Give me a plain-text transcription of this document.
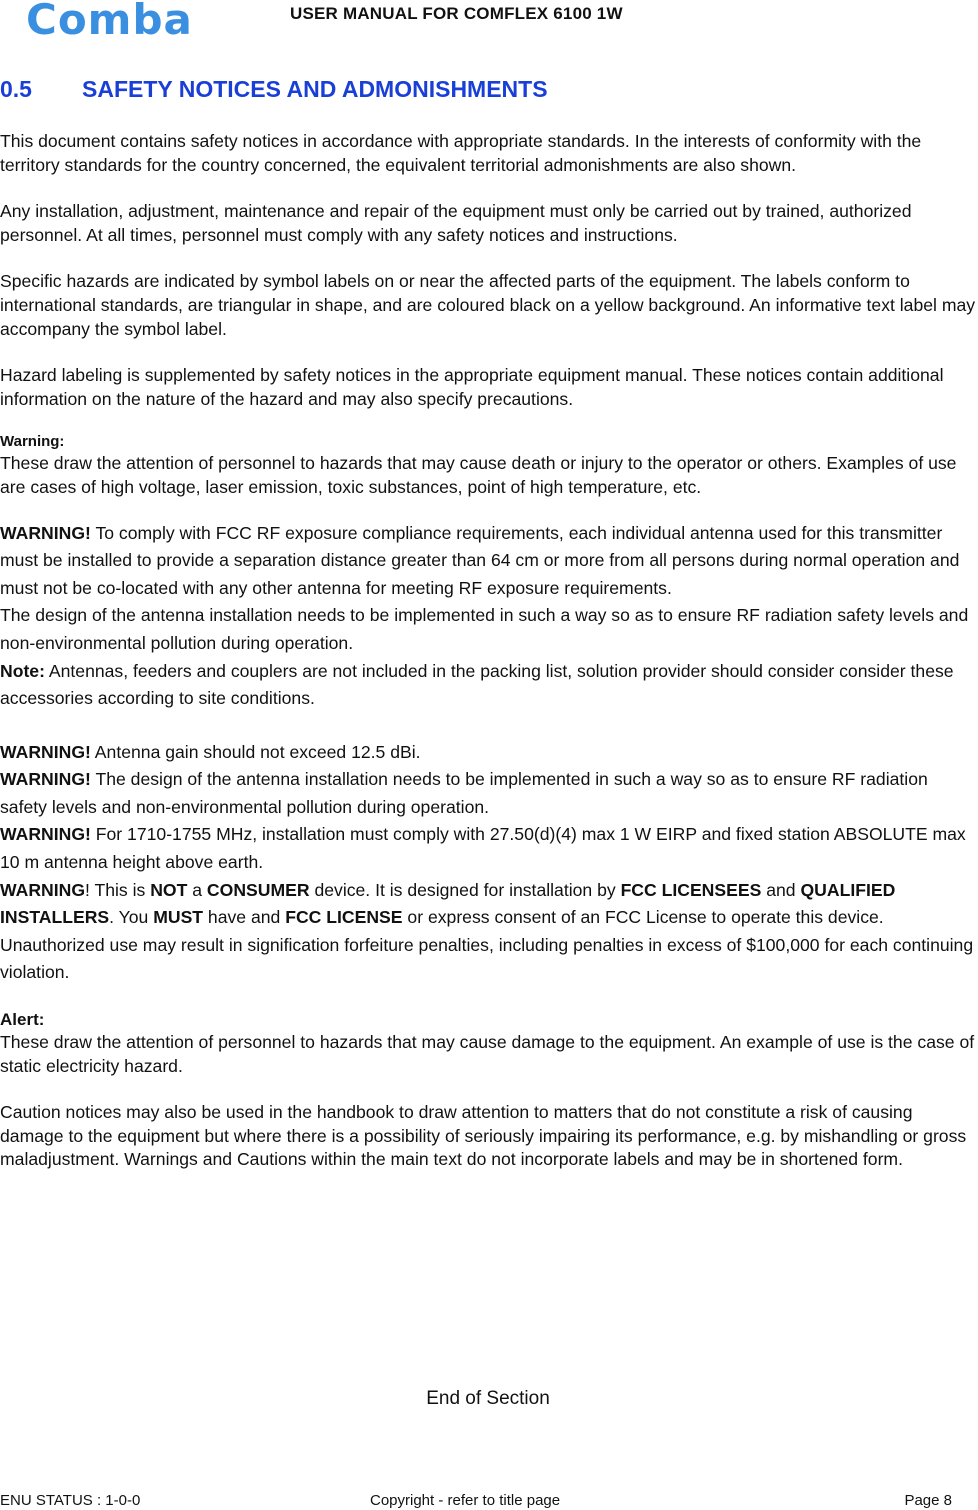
Comba	USER MANUAL FOR COMFLEX 6100 1W
0.5 SAFETY NOTICES AND ADMONISHMENTS

This document contains safety notices in accordance with appropriate standards. In the interests of conformity with the territory standards for the country concerned, the equivalent territorial admonishments are also shown.

Any installation, adjustment, maintenance and repair of the equipment must only be carried out by trained, authorized personnel. At all times, personnel must comply with any safety notices and instructions.

Specific hazards are indicated by symbol labels on or near the affected parts of the equipment. The labels conform to international standards, are triangular in shape, and are coloured black on a yellow background. An informative text label may accompany the symbol label.

Hazard labeling is supplemented by safety notices in the appropriate equipment manual. These notices contain additional information on the nature of the hazard and may also specify precautions.

Warning:

These draw the attention of personnel to hazards that may cause death or injury to the operator or others. Examples of use are cases of high voltage, laser emission, toxic substances, point of high temperature, etc.

WARNING! To comply with FCC RF exposure compliance requirements, each individual antenna used for this transmitter must be installed to provide a separation distance greater than 64 cm or more from all persons during normal operation and must not be co-located with any other antenna for meeting RF exposure requirements.

The design of the antenna installation needs to be implemented in such a way so as to ensure RF radiation safety levels and non-environmental pollution during operation.

Note: Antennas, feeders and couplers are not included in the packing list, solution provider should consider consider these accessories according to site conditions.

WARNING! Antenna gain should not exceed 12.5 dBi.

WARNING! The design of the antenna installation needs to be implemented in such a way so as to ensure RF radiation safety levels and non-environmental pollution during operation.

WARNING! For 1710-1755 MHz, installation must comply with 27.50(d)(4) max 1 W EIRP and fixed station ABSOLUTE max 10 m antenna height above earth.

WARNING! This is NOT a CONSUMER device. It is designed for installation by FCC LICENSEES and QUALIFIED INSTALLERS. You MUST have and FCC LICENSE or express consent of an FCC License to operate this device. Unauthorized use may result in signification forfeiture penalties, including penalties in excess of $100,000 for each continuing violation.

Alert:

These draw the attention of personnel to hazards that may cause damage to the equipment. An example of use is the case of static electricity hazard.

Caution notices may also be used in the handbook to draw attention to matters that do not constitute a risk of causing damage to the equipment but where there is a possibility of seriously impairing its performance, e.g. by mishandling or gross maladjustment. Warnings and Cautions within the main text do not incorporate labels and may be in shortened form.

End of Section
ENU STATUS : 1-0-0	Copyright - refer to title page	Page 8
